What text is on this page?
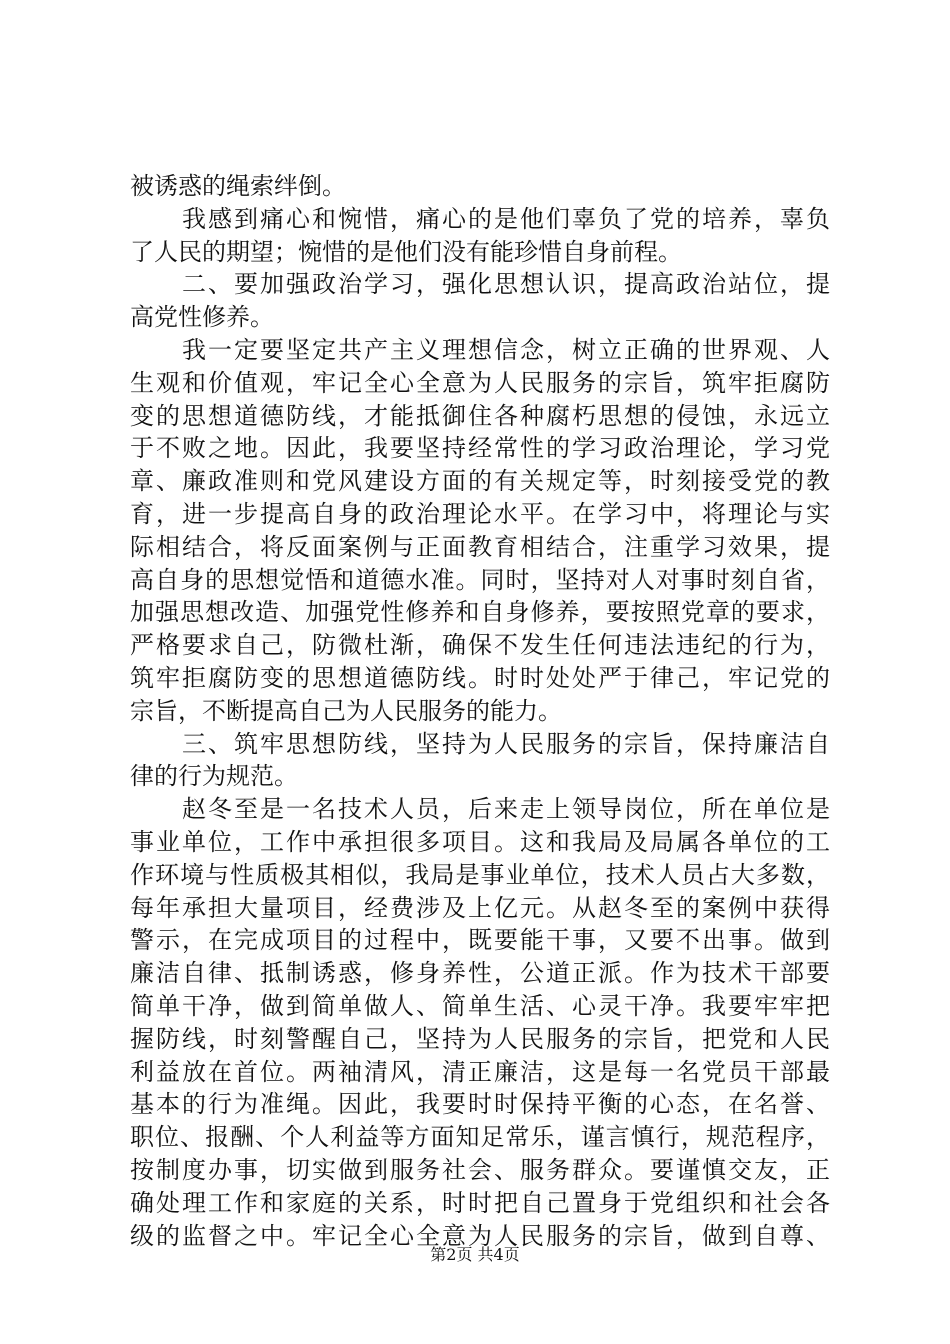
被诱惑的绳索绊倒。
　　我感到痛心和惋惜，痛心的是他们辜负了党的培养，辜负
了人民的期望；惋惜的是他们没有能珍惜自身前程。
　　二、要加强政治学习，强化思想认识，提高政治站位，提
高党性修养。
　　我一定要坚定共产主义理想信念，树立正确的世界观、人
生观和价值观，牢记全心全意为人民服务的宗旨，筑牢拒腐防
变的思想道德防线，才能抵御住各种腐朽思想的侵蚀，永远立
于不败之地。因此，我要坚持经常性的学习政治理论，学习党
章、廉政准则和党风建设方面的有关规定等，时刻接受党的教
育，进一步提高自身的政治理论水平。在学习中，将理论与实
际相结合，将反面案例与正面教育相结合，注重学习效果，提
高自身的思想觉悟和道德水准。同时，坚持对人对事时刻自省，
加强思想改造、加强党性修养和自身修养，要按照党章的要求，
严格要求自己，防微杜渐，确保不发生任何违法违纪的行为，
筑牢拒腐防变的思想道德防线。时时处处严于律己，牢记党的
宗旨，不断提高自己为人民服务的能力。
　　三、筑牢思想防线，坚持为人民服务的宗旨，保持廉洁自
律的行为规范。
　　赵冬至是一名技术人员，后来走上领导岗位，所在单位是
事业单位，工作中承担很多项目。这和我局及局属各单位的工
作环境与性质极其相似，我局是事业单位，技术人员占大多数，
每年承担大量项目，经费涉及上亿元。从赵冬至的案例中获得
警示，在完成项目的过程中，既要能干事，又要不出事。做到
廉洁自律、抵制诱惑，修身养性，公道正派。作为技术干部要
简单干净，做到简单做人、简单生活、心灵干净。我要牢牢把
握防线，时刻警醒自己，坚持为人民服务的宗旨，把党和人民
利益放在首位。两袖清风，清正廉洁，这是每一名党员干部最
基本的行为准绳。因此，我要时时保持平衡的心态，在名誉、
职位、报酬、个人利益等方面知足常乐，谨言慎行，规范程序，
按制度办事，切实做到服务社会、服务群众。要谨慎交友，正
确处理工作和家庭的关系，时时把自己置身于党组织和社会各
级的监督之中。牢记全心全意为人民服务的宗旨，做到自尊、
第2页 共4页
